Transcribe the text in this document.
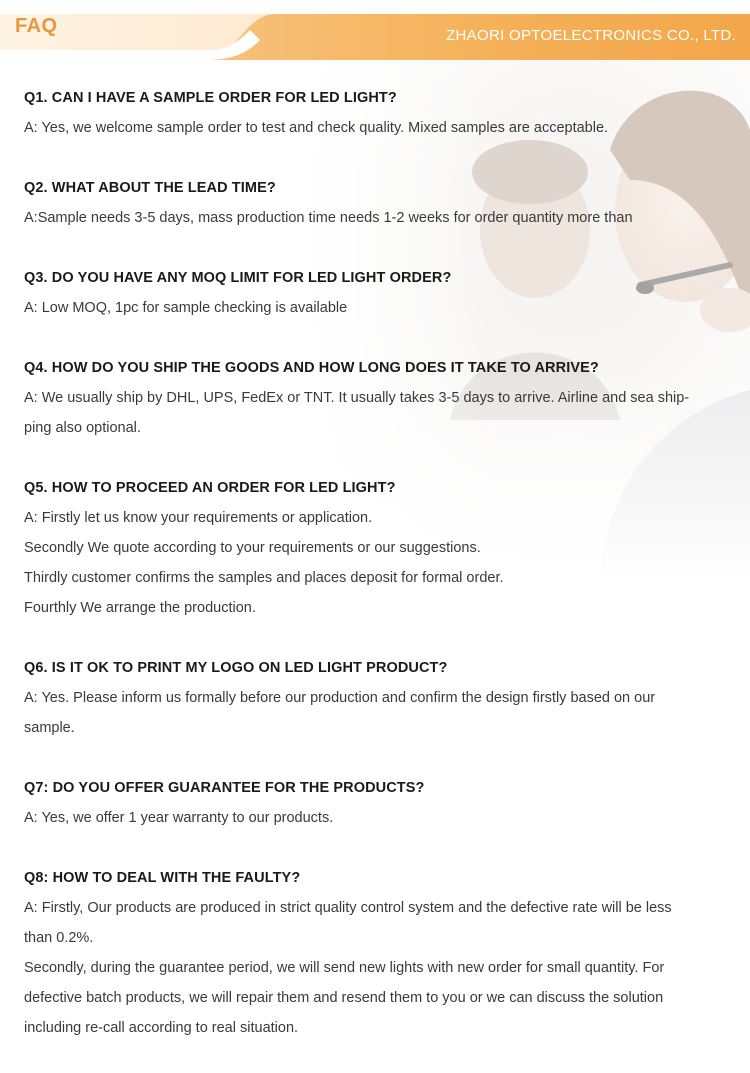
FAQ	ZHAORI OPTOELECTRONICS CO., LTD.
Q1. CAN I HAVE A SAMPLE ORDER FOR LED LIGHT?

A: Yes, we welcome sample order to test and check quality. Mixed samples are acceptable.

Q2. WHAT ABOUT THE LEAD TIME?

A:Sample needs 3-5 days, mass production time needs 1-2 weeks for order quantity more than

Q3. DO YOU HAVE ANY MOQ LIMIT FOR LED LIGHT ORDER?

A: Low MOQ, 1pc for sample checking is available

Q4. HOW DO YOU SHIP THE GOODS AND HOW LONG DOES IT TAKE TO ARRIVE?

A: We usually ship by DHL, UPS, FedEx or TNT. It usually takes 3-5 days to arrive. Airline and sea ship-

ping also optional.

Q5. HOW TO PROCEED AN ORDER FOR LED LIGHT?

A: Firstly let us know your requirements or application.

Secondly We quote according to your requirements or our suggestions.

Thirdly customer confirms the samples and places deposit for formal order.

Fourthly We arrange the production.

Q6. IS IT OK TO PRINT MY LOGO ON LED LIGHT PRODUCT?

A: Yes. Please inform us formally before our production and confirm the design firstly based on our

sample.

Q7: DO YOU OFFER GUARANTEE FOR THE PRODUCTS?

A: Yes, we offer 1 year warranty to our products.

Q8: HOW TO DEAL WITH THE FAULTY?

A: Firstly, Our products are produced in strict quality control system and the defective rate will be less

than 0.2%.

Secondly, during the guarantee period, we will send new lights with new order for small quantity. For

defective batch products, we will repair them and resend them to you or we can discuss the solution

including re-call according to real situation.
